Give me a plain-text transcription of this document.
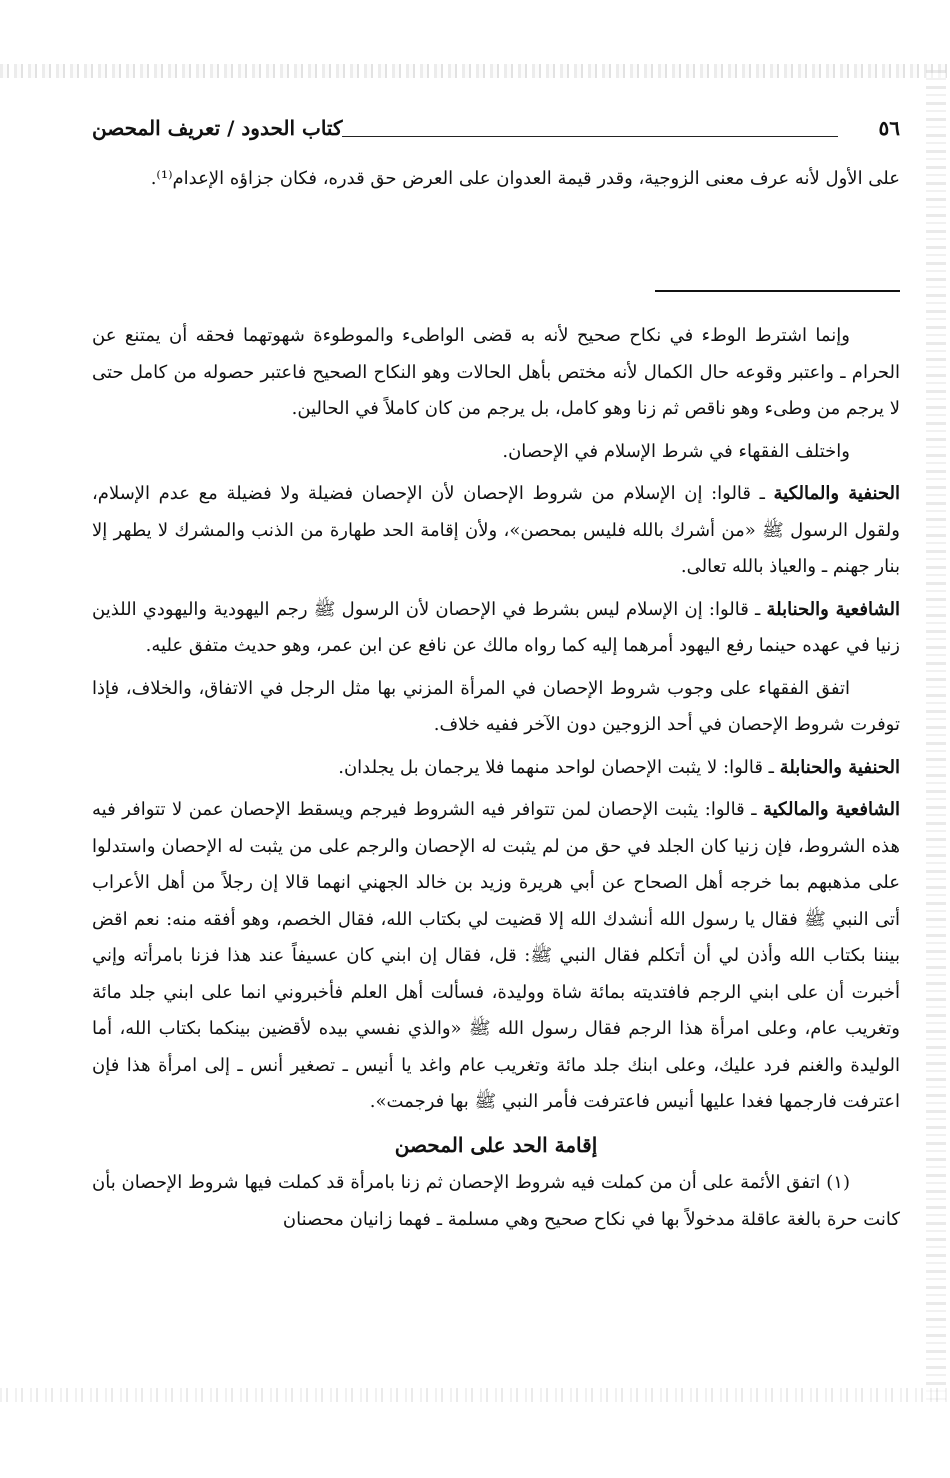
٥٦
كتاب الحدود / تعريف المحصن
على الأول لأنه عرف معنى الزوجية، وقدر قيمة العدوان على العرض حق قدره، فكان جزاؤه الإعدام⁽¹⁾.

وإنما اشترط الوطء في نكاح صحيح لأنه به قضى الواطىء والموطوءة شهوتهما فحقه أن يمتنع عن الحرام ـ واعتبر وقوعه حال الكمال لأنه مختص بأهل الحالات وهو النكاح الصحيح فاعتبر حصوله من كامل حتى لا يرجم من وطىء وهو ناقص ثم زنا وهو كامل، بل يرجم من كان كاملاً في الحالين.

واختلف الفقهاء في شرط الإسلام في الإحصان.

الحنفية والمالكية ـ قالوا: إن الإسلام من شروط الإحصان لأن الإحصان فضيلة ولا فضيلة مع عدم الإسلام، ولقول الرسول ﷺ «من أشرك بالله فليس بمحصن»، ولأن إقامة الحد طهارة من الذنب والمشرك لا يطهر إلا بنار جهنم ـ والعياذ بالله تعالى.

الشافعية والحنابلة ـ قالوا: إن الإسلام ليس بشرط في الإحصان لأن الرسول ﷺ رجم اليهودية واليهودي اللذين زنيا في عهده حينما رفع اليهود أمرهما إليه كما رواه مالك عن نافع عن ابن عمر، وهو حديث متفق عليه.

اتفق الفقهاء على وجوب شروط الإحصان في المرأة المزني بها مثل الرجل في الاتفاق، والخلاف، فإذا توفرت شروط الإحصان في أحد الزوجين دون الآخر ففيه خلاف.

الحنفية والحنابلة ـ قالوا: لا يثبت الإحصان لواحد منهما فلا يرجمان بل يجلدان.

الشافعية والمالكية ـ قالوا: يثبت الإحصان لمن تتوافر فيه الشروط فيرجم ويسقط الإحصان عمن لا تتوافر فيه هذه الشروط، فإن زنيا كان الجلد في حق من لم يثبت له الإحصان والرجم على من يثبت له الإحصان واستدلوا على مذهبهم بما خرجه أهل الصحاح عن أبي هريرة وزيد بن خالد الجهني انهما قالا إن رجلاً من أهل الأعراب أتى النبي ﷺ فقال يا رسول الله أنشدك الله إلا قضيت لي بكتاب الله، فقال الخصم، وهو أفقه منه: نعم اقض بيننا بكتاب الله وأذن لي أن أتكلم فقال النبي ﷺ: قل، فقال إن ابني كان عسيفاً عند هذا فزنا بامرأته وإني أخبرت أن على ابني الرجم فافتديته بمائة شاة ووليدة، فسألت أهل العلم فأخبروني انما على ابني جلد مائة وتغريب عام، وعلى امرأة هذا الرجم فقال رسول الله ﷺ «والذي نفسي بيده لأقضين بينكما بكتاب الله، أما الوليدة والغنم فرد عليك، وعلى ابنك جلد مائة وتغريب عام واغد يا أنيس ـ تصغير أنس ـ إلى امرأة هذا فإن اعترفت فارجمها فغدا عليها أنيس فاعترفت فأمر النبي ﷺ بها فرجمت».

إقامة الحد على المحصن

(١) اتفق الأئمة على أن من كملت فيه شروط الإحصان ثم زنا بامرأة قد كملت فيها شروط الإحصان بأن كانت حرة بالغة عاقلة مدخولاً بها في نكاح صحيح وهي مسلمة ـ فهما زانيان محصنان
